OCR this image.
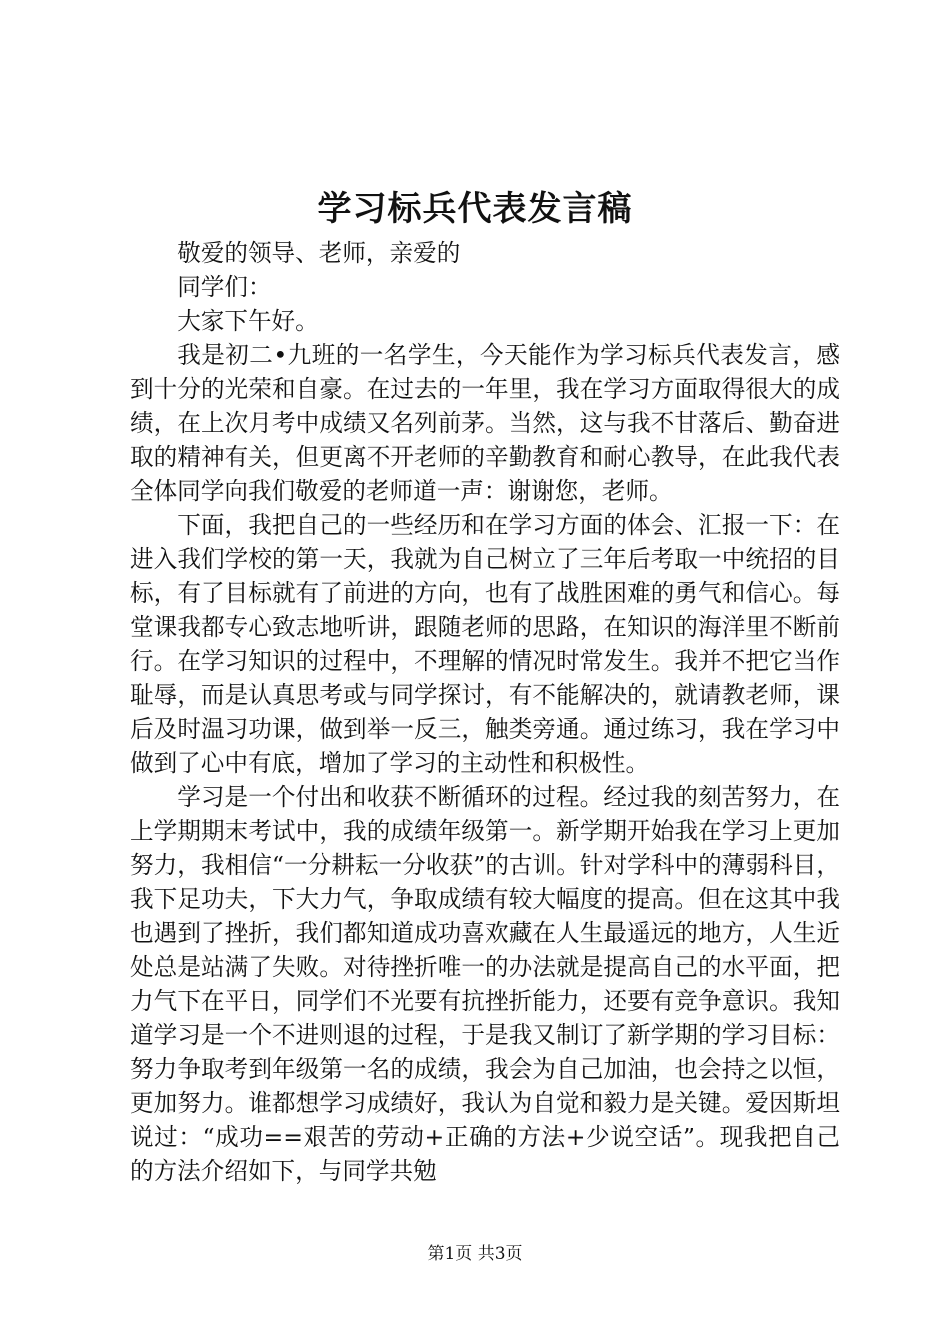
学习标兵代表发言稿

敬爱的领导、老师，亲爱的

同学们：

大家下午好。

我是初二•九班的一名学生，今天能作为学习标兵代表发言，感到十分的光荣和自豪。在过去的一年里，我在学习方面取得很大的成绩，在上次月考中成绩又名列前茅。当然，这与我不甘落后、勤奋进取的精神有关，但更离不开老师的辛勤教育和耐心教导，在此我代表全体同学向我们敬爱的老师道一声：谢谢您，老师。

下面，我把自己的一些经历和在学习方面的体会、汇报一下：在进入我们学校的第一天，我就为自己树立了三年后考取一中统招的目标，有了目标就有了前进的方向，也有了战胜困难的勇气和信心。每堂课我都专心致志地听讲，跟随老师的思路，在知识的海洋里不断前行。在学习知识的过程中，不理解的情况时常发生。我并不把它当作耻辱，而是认真思考或与同学探讨，有不能解决的，就请教老师，课后及时温习功课，做到举一反三，触类旁通。通过练习，我在学习中做到了心中有底，增加了学习的主动性和积极性。

学习是一个付出和收获不断循环的过程。经过我的刻苦努力，在上学期期末考试中，我的成绩年级第一。新学期开始我在学习上更加努力，我相信“一分耕耘一分收获”的古训。针对学科中的薄弱科目，我下足功夫，下大力气，争取成绩有较大幅度的提高。但在这其中我也遇到了挫折，我们都知道成功喜欢藏在人生最遥远的地方，人生近处总是站满了失败。对待挫折唯一的办法就是提高自己的水平面，把力气下在平日，同学们不光要有抗挫折能力，还要有竞争意识。我知道学习是一个不进则退的过程，于是我又制订了新学期的学习目标：努力争取考到年级第一名的成绩，我会为自己加油，也会持之以恒，更加努力。谁都想学习成绩好，我认为自觉和毅力是关键。爱因斯坦说过：“成功==艰苦的劳动+正确的方法+少说空话”。现我把自己的方法介绍如下，与同学共勉

第1页 共3页
